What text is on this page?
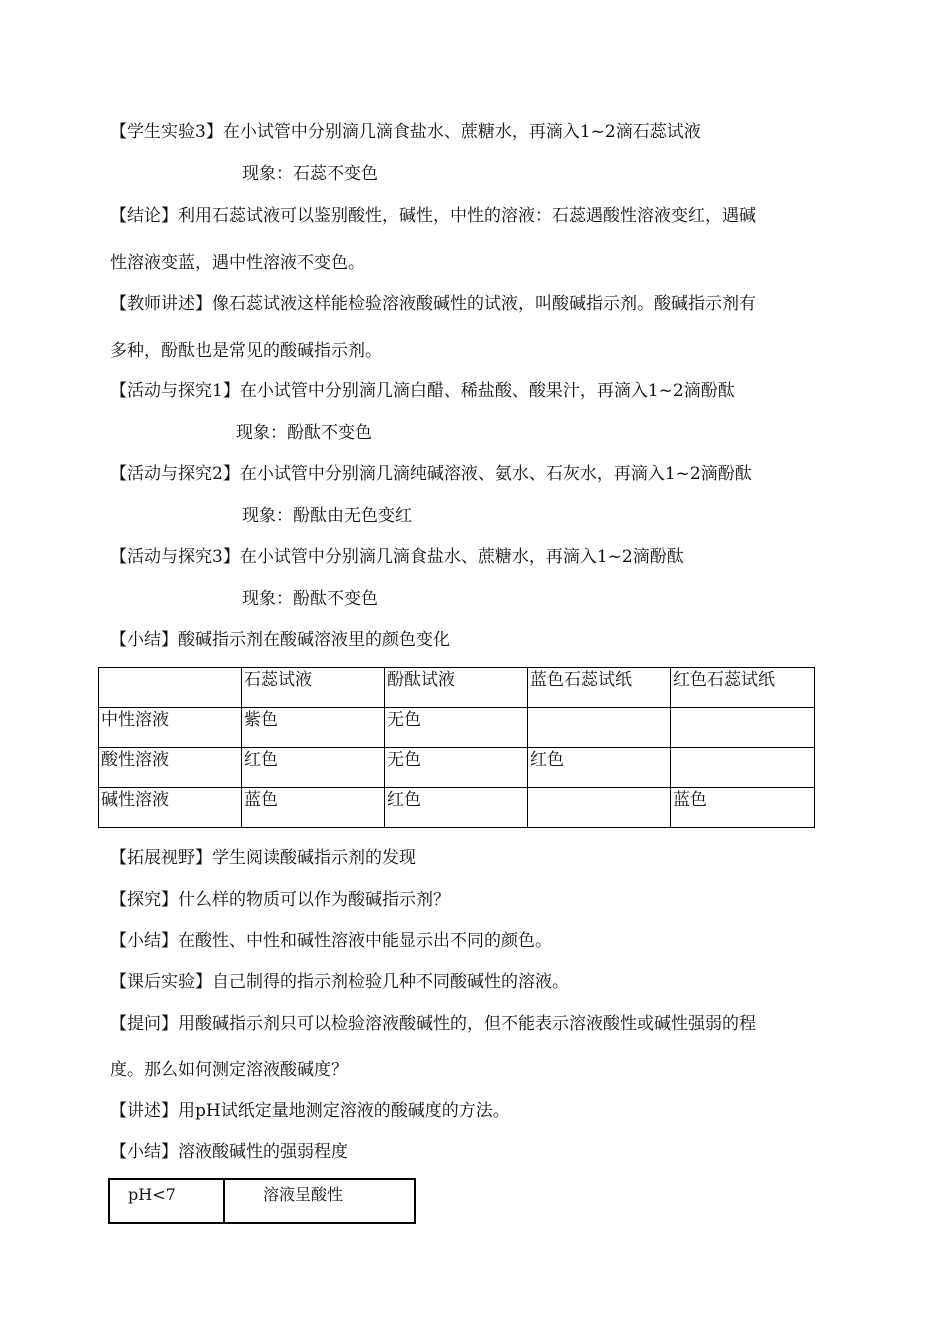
【学生实验3】在小试管中分别滴几滴食盐水、蔗糖水，再滴入1~2滴石蕊试液
现象：石蕊不变色
【结论】利用石蕊试液可以鉴别酸性，碱性，中性的溶液：石蕊遇酸性溶液变红，遇碱
性溶液变蓝，遇中性溶液不变色。
【教师讲述】像石蕊试液这样能检验溶液酸碱性的试液，叫酸碱指示剂。酸碱指示剂有
多种，酚酞也是常见的酸碱指示剂。
【活动与探究1】在小试管中分别滴几滴白醋、稀盐酸、酸果汁，再滴入1~2滴酚酞
现象：酚酞不变色
【活动与探究2】在小试管中分别滴几滴纯碱溶液、氨水、石灰水，再滴入1~2滴酚酞
现象：酚酞由无色变红
【活动与探究3】在小试管中分别滴几滴食盐水、蔗糖水，再滴入1~2滴酚酞
现象：酚酞不变色
【小结】酸碱指示剂在酸碱溶液里的颜色变化
	石蕊试液	酚酞试液	蓝色石蕊试纸	红色石蕊试纸
中性溶液	紫色	无色		
酸性溶液	红色	无色	红色	
碱性溶液	蓝色	红色		蓝色
【拓展视野】学生阅读酸碱指示剂的发现
【探究】什么样的物质可以作为酸碱指示剂？
【小结】在酸性、中性和碱性溶液中能显示出不同的颜色。
【课后实验】自己制得的指示剂检验几种不同酸碱性的溶液。
【提问】用酸碱指示剂只可以检验溶液酸碱性的，但不能表示溶液酸性或碱性强弱的程
度。那么如何测定溶液酸碱度？
【讲述】用pH试纸定量地测定溶液的酸碱度的方法。
【小结】溶液酸碱性的强弱程度
pH<7	溶液呈酸性
